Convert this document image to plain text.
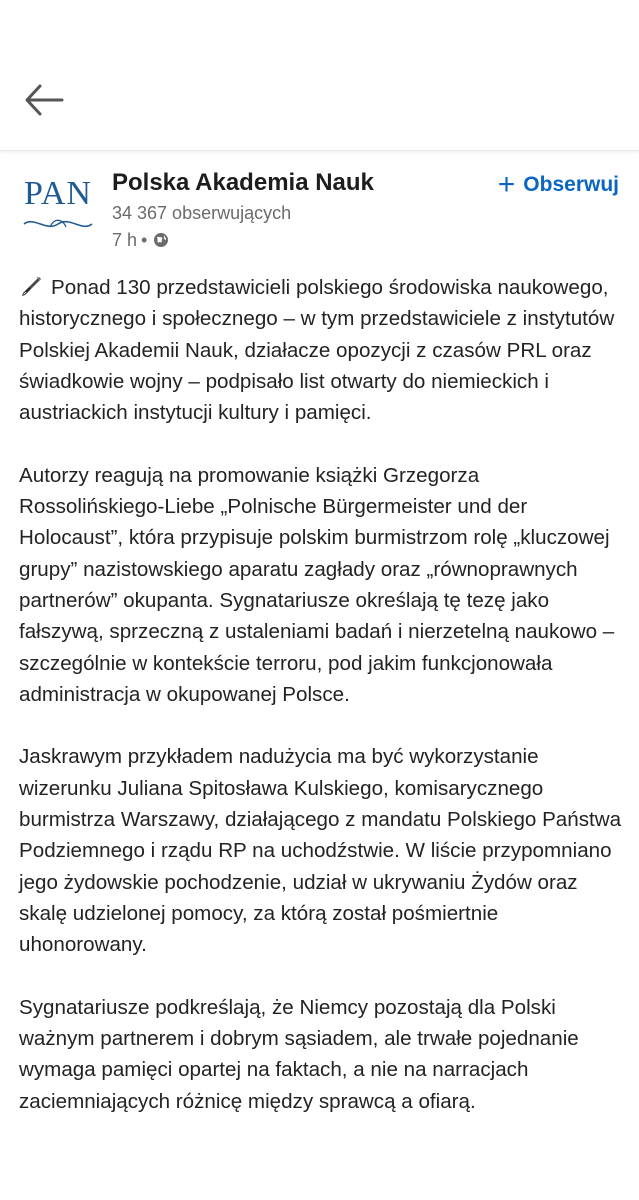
PAN Polska Akademia Nauk
34 367 obserwujących
7 h •
+ Obserwuj

Ponad 130 przedstawicieli polskiego środowiska naukowego, historycznego i społecznego – w tym przedstawiciele z instytutów Polskiej Akademii Nauk, działacze opozycji z czasów PRL oraz świadkowie wojny – podpisało list otwarty do niemieckich i austriackich instytucji kultury i pamięci.

Autorzy reagują na promowanie książki Grzegorza Rossolińskiego-Liebe „Polnische Bürgermeister und der Holocaust”, która przypisuje polskim burmistrzom rolę „kluczowej grupy” nazistowskiego aparatu zagłady oraz „równoprawnych partnerów” okupanta. Sygnatariusze określają tę tezę jako fałszywą, sprzeczną z ustaleniami badań i nierzetelną naukowo – szczególnie w kontekście terroru, pod jakim funkcjonowała administracja w okupowanej Polsce.

Jaskrawym przykładem nadużycia ma być wykorzystanie wizerunku Juliana Spitosława Kulskiego, komisarycznego burmistrza Warszawy, działającego z mandatu Polskiego Państwa Podziemnego i rządu RP na uchodźstwie. W liście przypomniano jego żydowskie pochodzenie, udział w ukrywaniu Żydów oraz skalę udzielonej pomocy, za którą został pośmiertnie uhonorowany.

Sygnatariusze podkreślają, że Niemcy pozostają dla Polski ważnym partnerem i dobrym sąsiadem, ale trwałe pojednanie wymaga pamięci opartej na faktach, a nie na narracjach zaciemniających różnicę między sprawcą a ofiarą.
